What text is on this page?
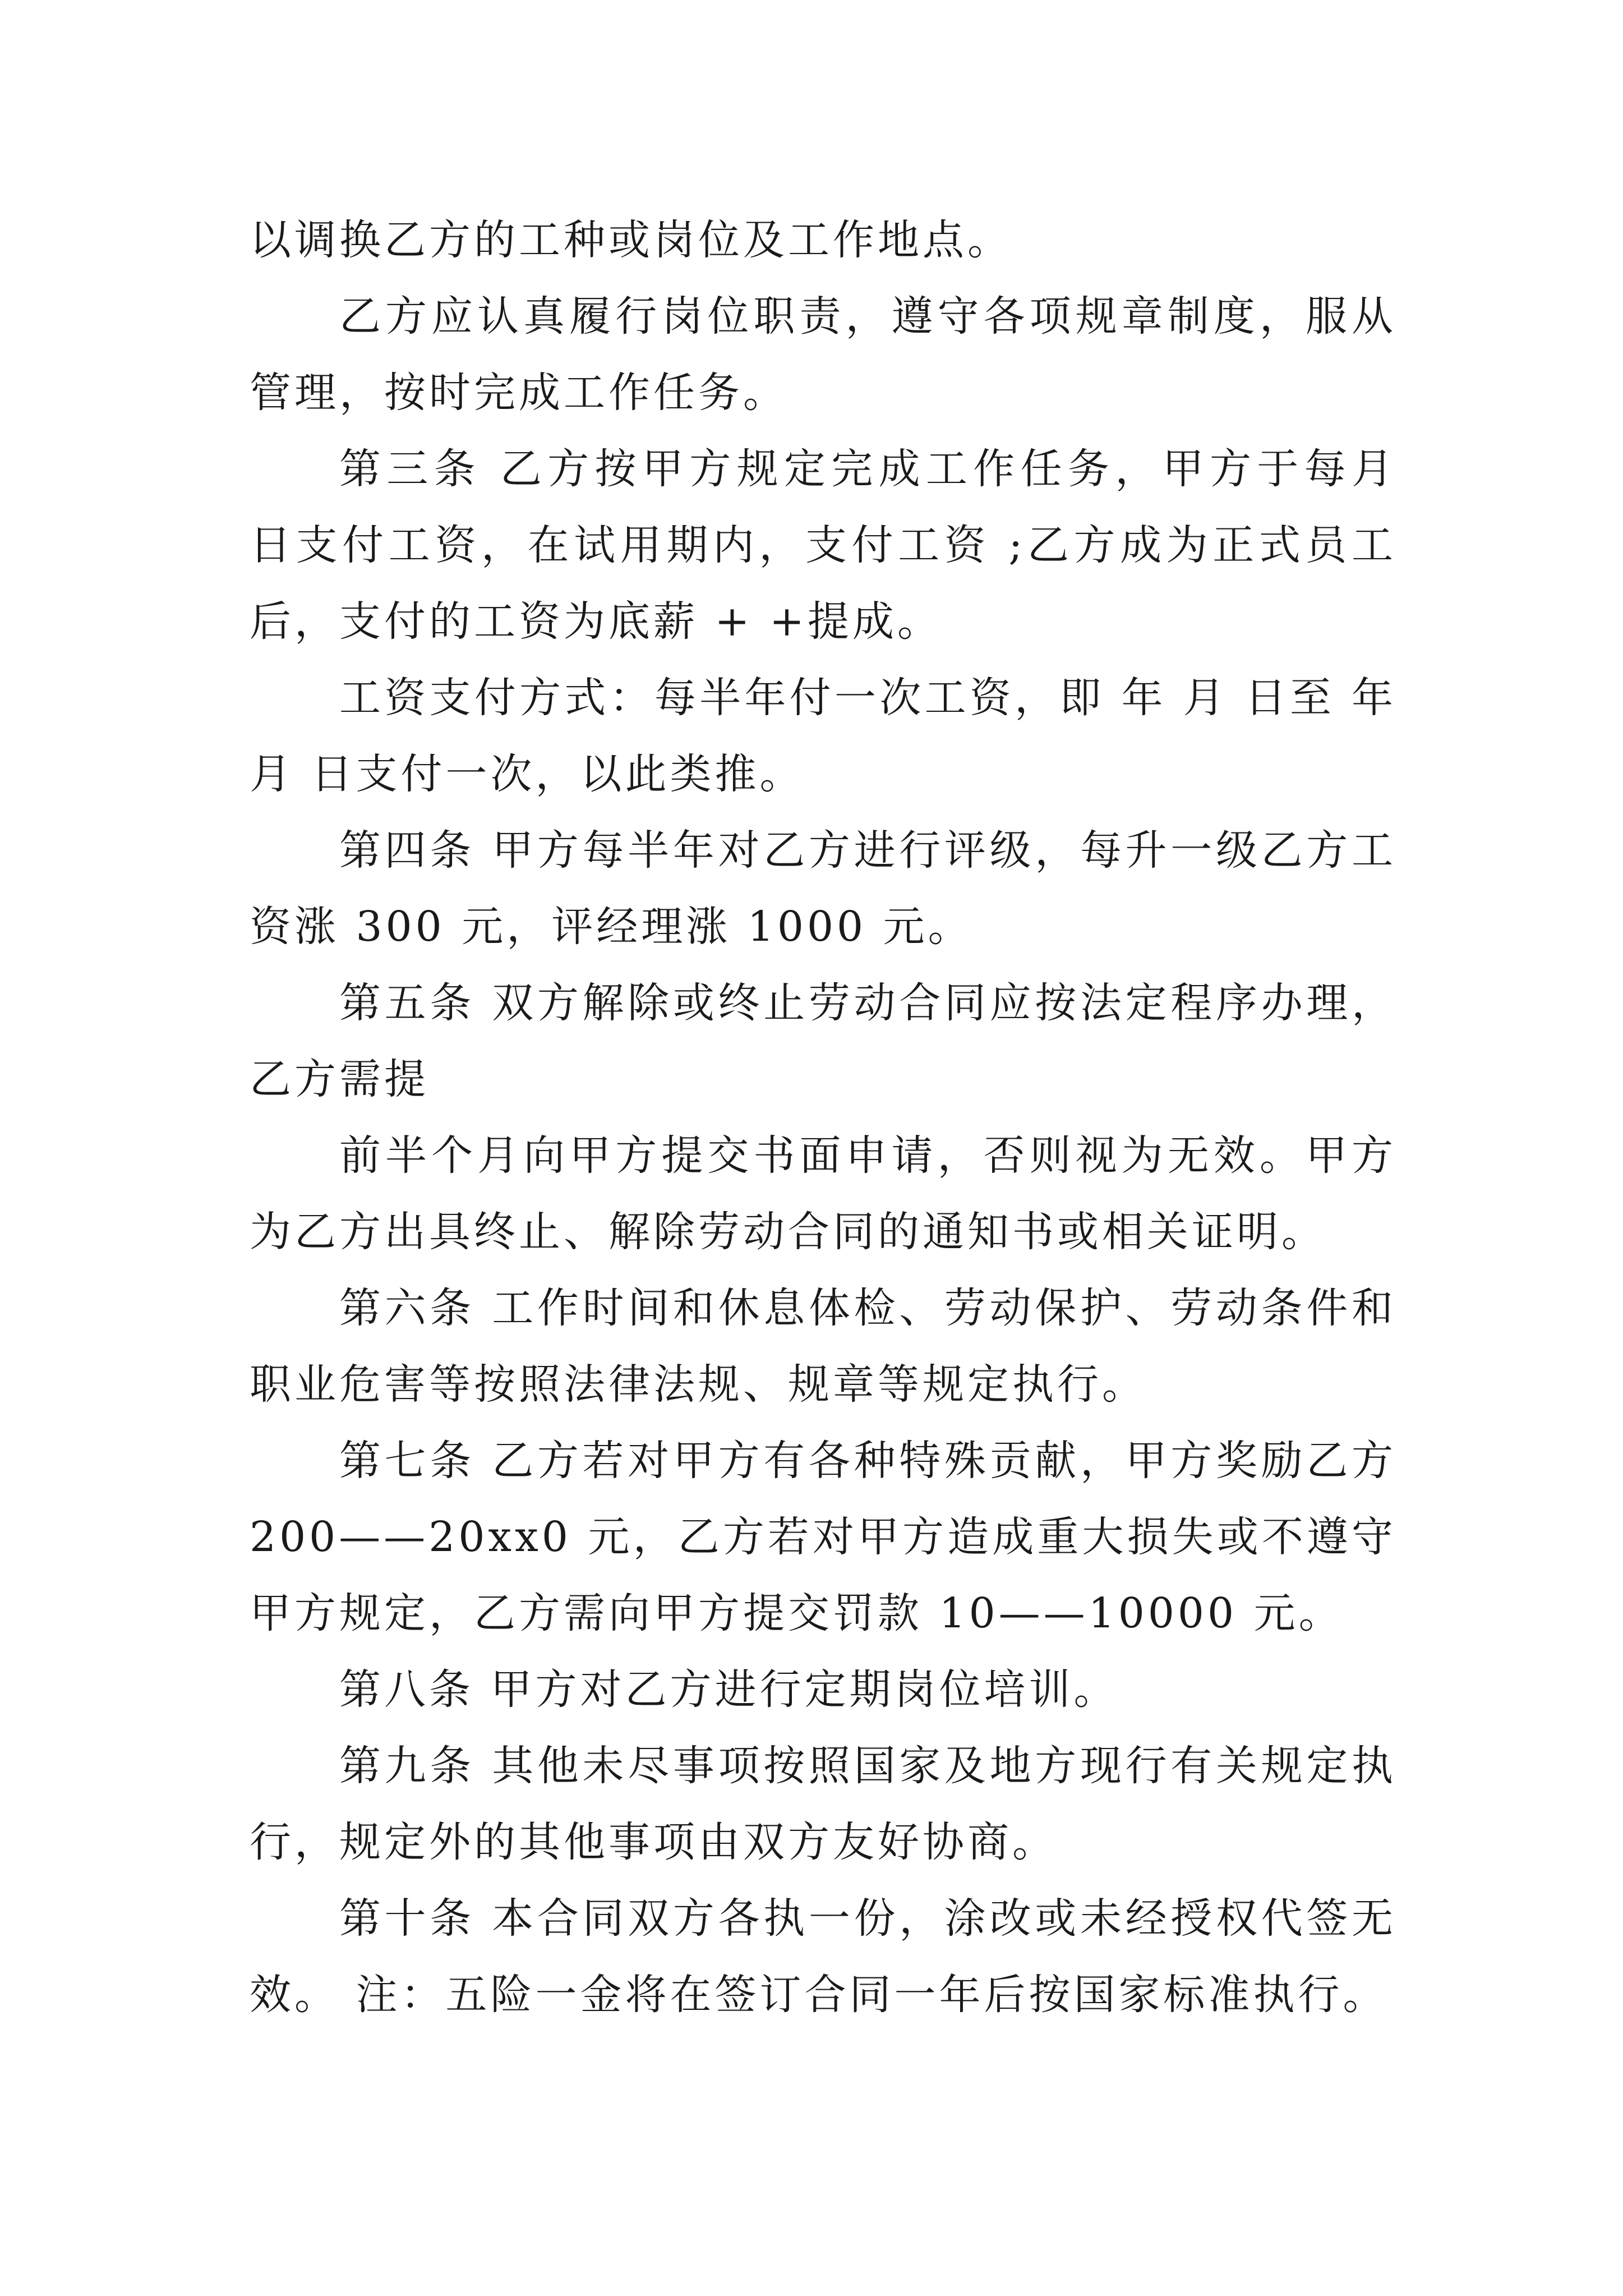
以调换乙方的工种或岗位及工作地点。

乙方应认真履行岗位职责，遵守各项规章制度，服从管理，按时完成工作任务。

第三条 乙方按甲方规定完成工作任务，甲方于每月 日支付工资，在试用期内，支付工资 ;乙方成为正式员工后，支付的工资为底薪 + +提成。

工资支付方式：每半年付一次工资，即 年 月 日至 年月 日支付一次，以此类推。

第四条 甲方每半年对乙方进行评级，每升一级乙方工资涨 300 元，评经理涨 1000 元。

第五条 双方解除或终止劳动合同应按法定程序办理，乙方需提

前半个月向甲方提交书面申请，否则视为无效。甲方为乙方出具终止、解除劳动合同的通知书或相关证明。

第六条 工作时间和休息体检、劳动保护、劳动条件和职业危害等按照法律法规、规章等规定执行。

第七条 乙方若对甲方有各种特殊贡献，甲方奖励乙方 200——20xx0 元，乙方若对甲方造成重大损失或不遵守甲方规定，乙方需向甲方提交罚款 10——10000 元。

第八条 甲方对乙方进行定期岗位培训。

第九条 其他未尽事项按照国家及地方现行有关规定执行，规定外的其他事项由双方友好协商。

第十条 本合同双方各执一份，涂改或未经授权代签无效。 注：五险一金将在签订合同一年后按国家标准执行。
